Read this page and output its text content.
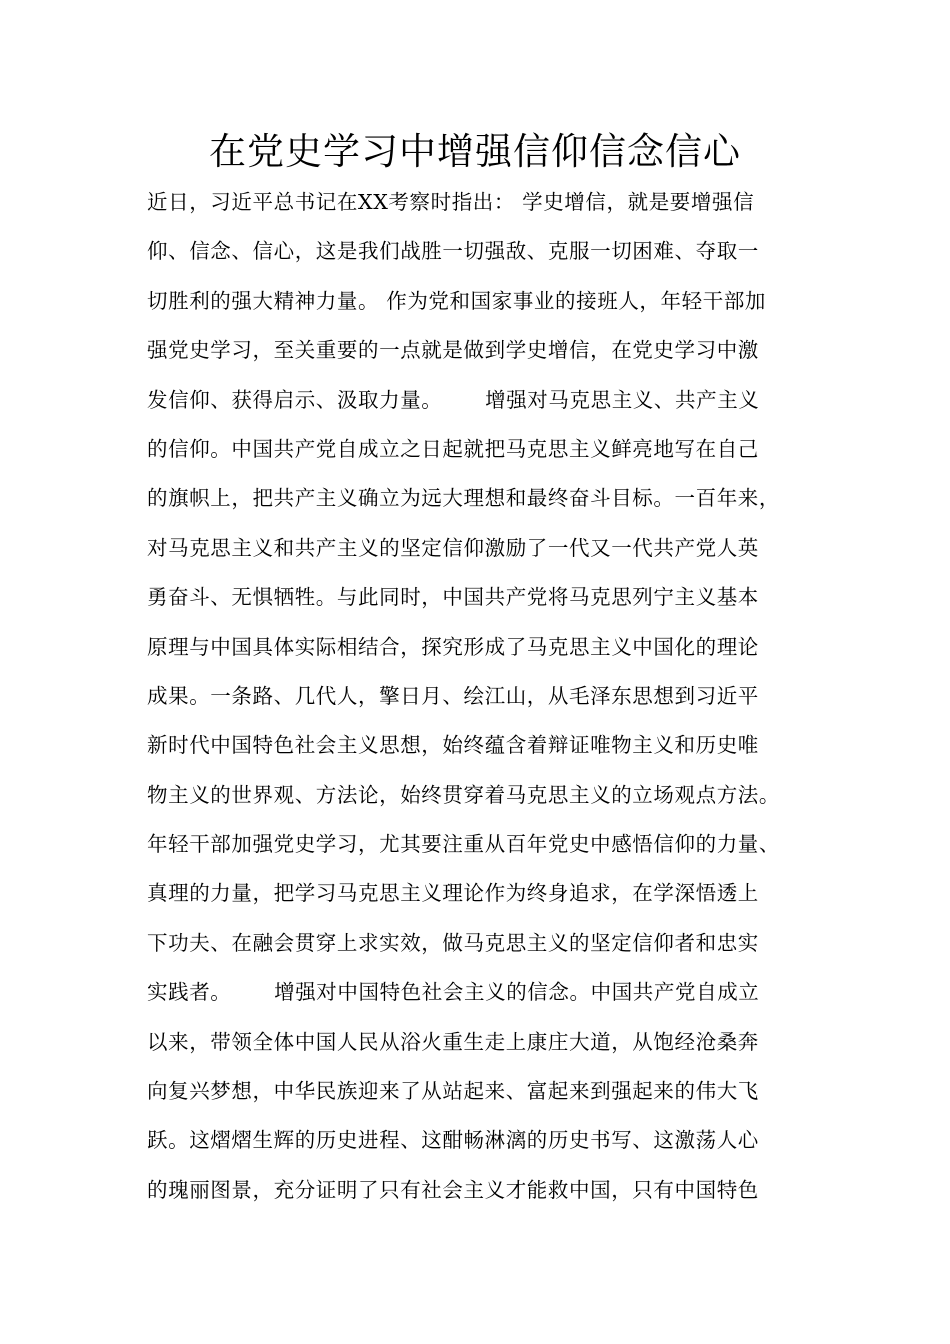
在党史学习中增强信仰信念信心
近日，习近平总书记在XX考察时指出： 学史增信，就是要增强信
仰、信念、信心，这是我们战胜一切强敌、克服一切困难、夺取一
切胜利的强大精神力量。 作为党和国家事业的接班人，年轻干部加
强党史学习，至关重要的一点就是做到学史增信，在党史学习中激
发信仰、获得启示、汲取力量。      增强对马克思主义、共产主义
的信仰。中国共产党自成立之日起就把马克思主义鲜亮地写在自己
的旗帜上，把共产主义确立为远大理想和最终奋斗目标。一百年来，
对马克思主义和共产主义的坚定信仰激励了一代又一代共产党人英
勇奋斗、无惧牺牲。与此同时，中国共产党将马克思列宁主义基本
原理与中国具体实际相结合，探究形成了马克思主义中国化的理论
成果。一条路、几代人，擎日月、绘江山，从毛泽东思想到习近平
新时代中国特色社会主义思想，始终蕴含着辩证唯物主义和历史唯
物主义的世界观、方法论，始终贯穿着马克思主义的立场观点方法。
年轻干部加强党史学习，尤其要注重从百年党史中感悟信仰的力量、
真理的力量，把学习马克思主义理论作为终身追求，在学深悟透上
下功夫、在融会贯穿上求实效，做马克思主义的坚定信仰者和忠实
实践者。      增强对中国特色社会主义的信念。中国共产党自成立
以来，带领全体中国人民从浴火重生走上康庄大道，从饱经沧桑奔
向复兴梦想，中华民族迎来了从站起来、富起来到强起来的伟大飞
跃。这熠熠生辉的历史进程、这酣畅淋漓的历史书写、这激荡人心
的瑰丽图景，充分证明了只有社会主义才能救中国，只有中国特色
